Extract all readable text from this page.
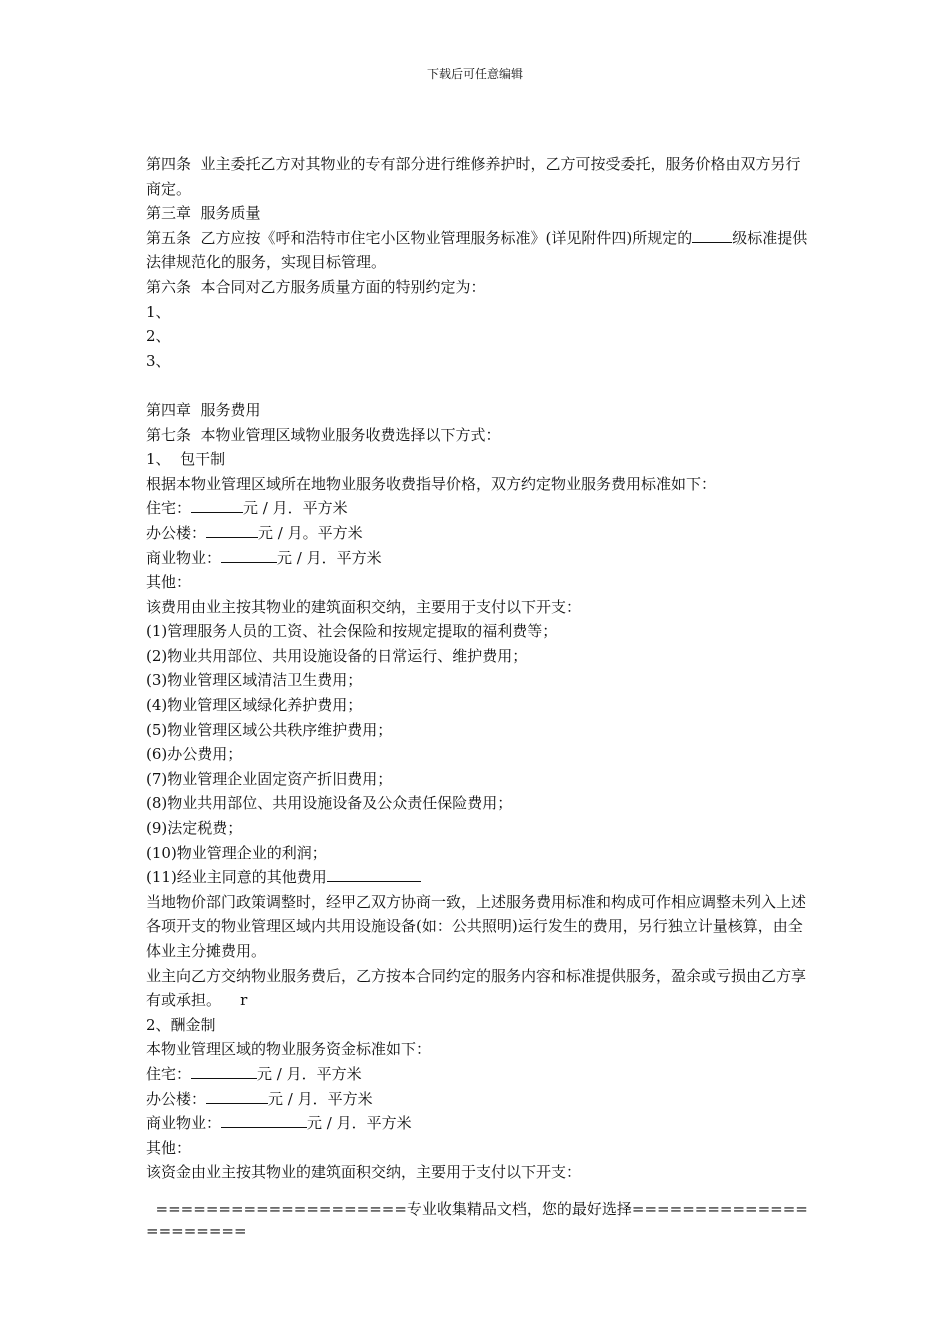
下载后可任意编辑

第四条  业主委托乙方对其物业的专有部分进行维修养护时，乙方可按受委托，服务价格由双方另行商定。

第三章  服务质量

第五条  乙方应按《呼和浩特市住宅小区物业管理服务标准》(详见附件四)所规定的	级标准提供法律规范化的服务，实现目标管理。

第六条  本合同对乙方服务质量方面的特别约定为：

1、

2、

3、

第四章  服务费用

第七条  本物业管理区域物业服务收费选择以下方式：

1、  包干制

根据本物业管理区域所在地物业服务收费指导价格，双方约定物业服务费用标准如下：

住宅：	元 / 月．平方米

办公楼：	元 / 月。平方米

商业物业：	元 / 月．平方米

其他：

该费用由业主按其物业的建筑面积交纳，主要用于支付以下开支：

(1)管理服务人员的工资、社会保险和按规定提取的福利费等；

(2)物业共用部位、共用设施设备的日常运行、维护费用；

(3)物业管理区域清洁卫生费用；

(4)物业管理区域绿化养护费用；

(5)物业管理区域公共秩序维护费用；

(6)办公费用；

(7)物业管理企业固定资产折旧费用；

(8)物业共用部位、共用设施设备及公众责任保险费用；

(9)法定税费；

(10)物业管理企业的利润；

(11)经业主同意的其他费用

当地物价部门政策调整时，经甲乙双方协商一致，上述服务费用标准和构成可作相应调整未列入上述各项开支的物业管理区域内共用设施设备(如：公共照明)运行发生的费用，另行独立计量核算，由全体业主分摊费用。

业主向乙方交纳物业服务费后，乙方按本合同约定的服务内容和标准提供服务，盈余或亏损由乙方享有或承担。    r

2、酬金制

本物业管理区域的物业服务资金标准如下：

住宅：	元 / 月．平方米

办公楼：	元 / 月．平方米

商业物业：	元 / 月．平方米

其他：

该资金由业主按其物业的建筑面积交纳，主要用于支付以下开支：

====================专业收集精品文档，您的最好选择======================
